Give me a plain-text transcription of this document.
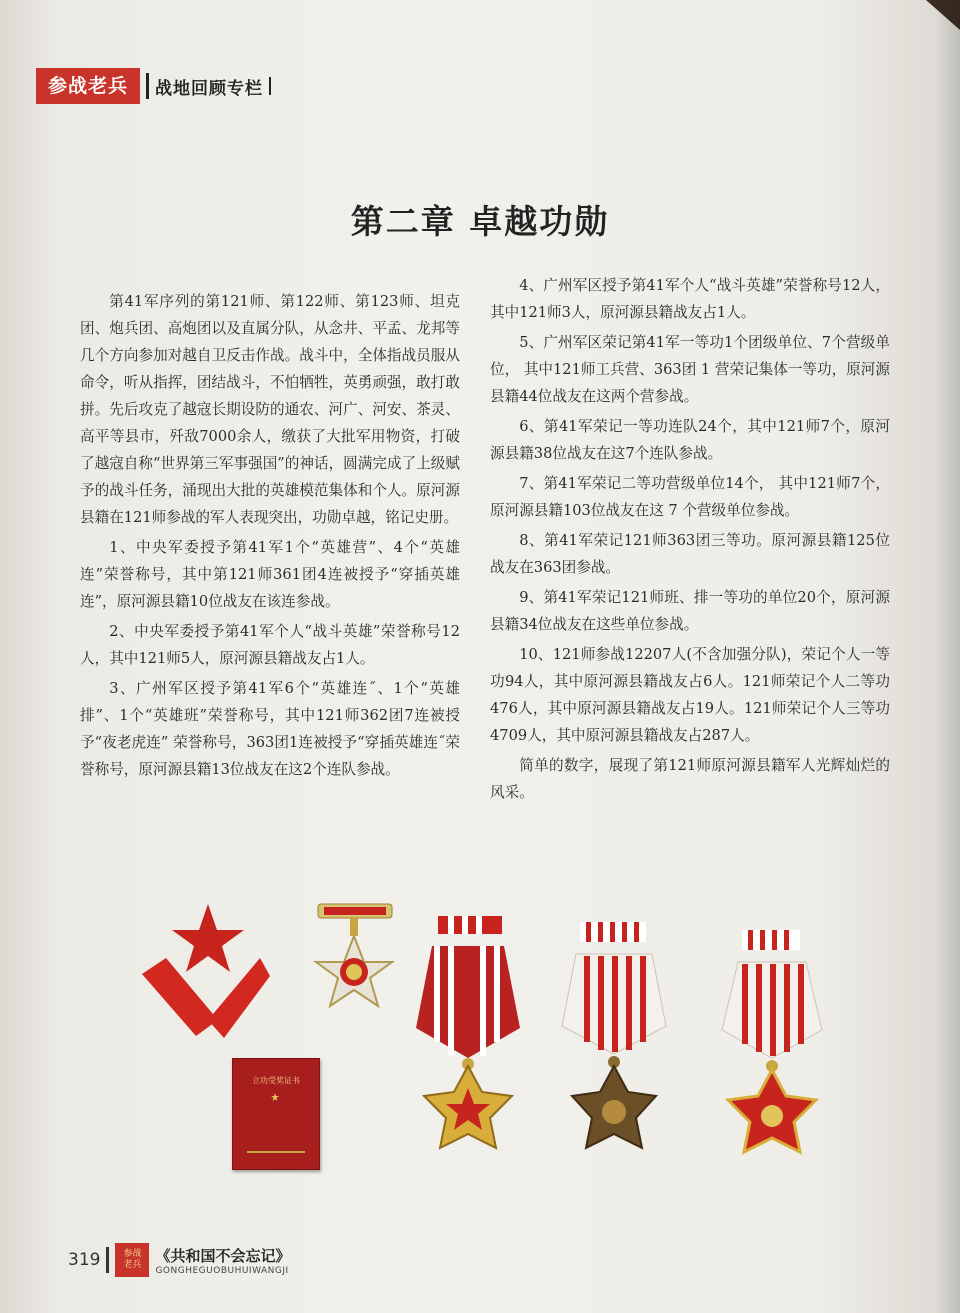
参战老兵	战地回顾专栏
第二章 卓越功勋

第41军序列的第121师、第122师、第123师、坦克团、炮兵团、高炮团以及直属分队，从念井、平孟、龙邦等几个方向参加对越自卫反击作战。战斗中，全体指战员服从命令，听从指挥，团结战斗，不怕牺牲，英勇顽强，敢打敢拼。先后攻克了越寇长期设防的通农、河广、河安、茶灵、高平等县市，歼敌7000余人，缴获了大批军用物资，打破了越寇自称“世界第三军事强国”的神话，圆满完成了上级赋予的战斗任务，涌现出大批的英雄模范集体和个人。原河源县籍在121师参战的军人表现突出，功勋卓越，铭记史册。

1、中央军委授予第41军1个“英雄营”、4个“英雄连”荣誉称号，其中第121师361团4连被授予“穿插英雄连”，原河源县籍10位战友在该连参战。

2、中央军委授予第41军个人“战斗英雄”荣誉称号12人，其中121师5人，原河源县籍战友占1人。

3、广州军区授予第41军6个“英雄连˝、1个“英雄排”、1个“英雄班”荣誉称号，其中121师362团7连被授予“夜老虎连” 荣誉称号，363团1连被授予“穿插英雄连˝荣誉称号，原河源县籍13位战友在这2个连队参战。

4、广州军区授予第41军个人“战斗英雄”荣誉称号12人，其中121师3人，原河源县籍战友占1人。

5、广州军区荣记第41军一等功1个团级单位、7个营级单位， 其中121师工兵营、363团 1 营荣记集体一等功，原河源县籍44位战友在这两个营参战。

6、第41军荣记一等功连队24个，其中121师7个，原河源县籍38位战友在这7个连队参战。

7、第41军荣记二等功营级单位14个， 其中121师7个，原河源县籍103位战友在这 7 个营级单位参战。

8、第41军荣记121师363团三等功。原河源县籍125位战友在363团参战。

9、第41军荣记121师班、排一等功的单位20个，原河源县籍34位战友在这些单位参战。

10、121师参战12207人(不含加强分队)，荣记个人一等功94人，其中原河源县籍战友占6人。121师荣记个人二等功476人，其中原河源县籍战友占19人。121师荣记个人三等功4709人，其中原河源县籍战友占287人。

简单的数字，展现了第121师原河源县籍军人光辉灿烂的风采。

立功受奖证书
319	参战
老兵
《共和国不会忘记》
GONGHEGUOBUHUIWANGJI
